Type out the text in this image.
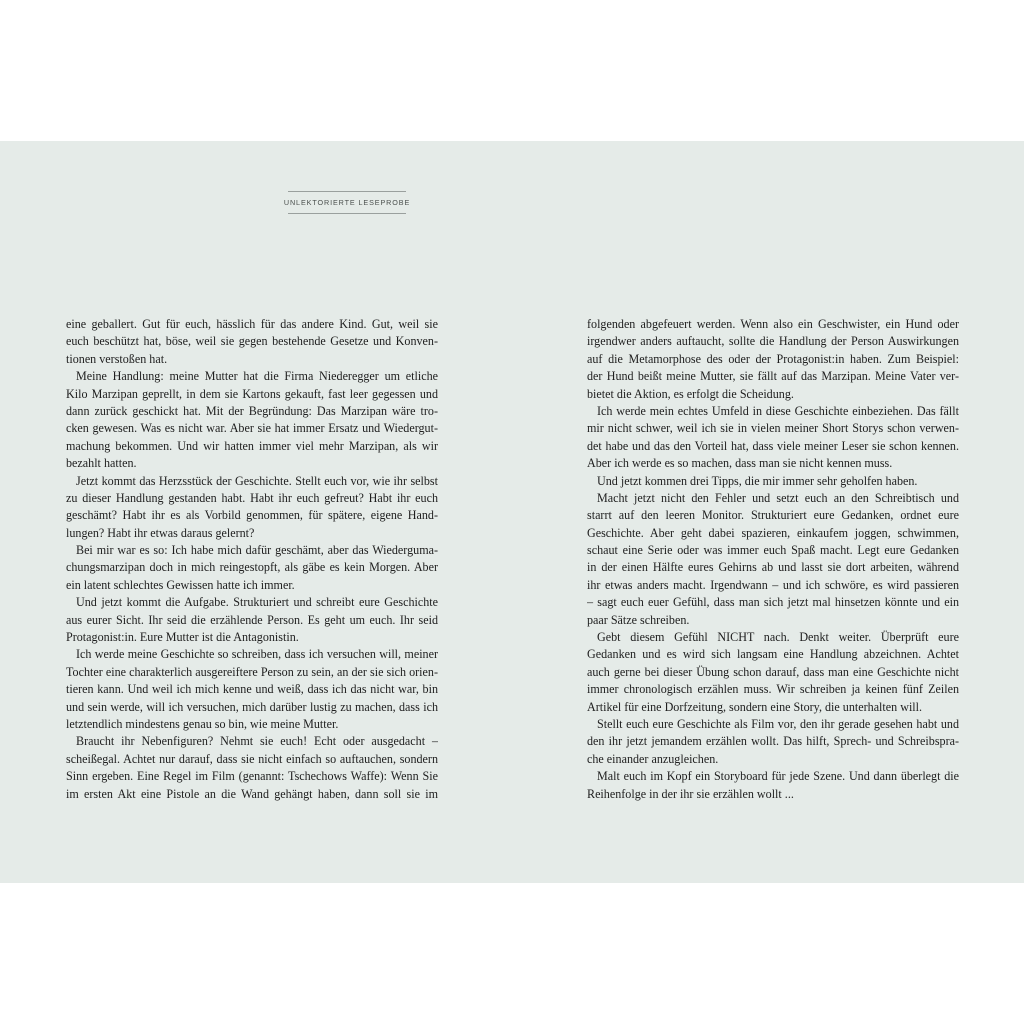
UNLEKTORIERTE LESEPROBE
eine geballert. Gut für euch, hässlich für das andere Kind. Gut, weil sie
euch beschützt hat, böse, weil sie gegen bestehende Gesetze und Konven-
tionen verstoßen hat.
Meine Handlung: meine Mutter hat die Firma Niederegger um etliche
Kilo Marzipan geprellt, in dem sie Kartons gekauft, fast leer gegessen und
dann zurück geschickt hat. Mit der Begründung: Das Marzipan wäre tro-
cken gewesen. Was es nicht war. Aber sie hat immer Ersatz und Wiedergut-
machung bekommen. Und wir hatten immer viel mehr Marzipan, als wir
bezahlt hatten.
Jetzt kommt das Herzsstück der Geschichte. Stellt euch vor, wie ihr selbst
zu dieser Handlung gestanden habt. Habt ihr euch gefreut? Habt ihr euch
geschämt? Habt ihr es als Vorbild genommen, für spätere, eigene Hand-
lungen? Habt ihr etwas daraus gelernt?
Bei mir war es so: Ich habe mich dafür geschämt, aber das Wiedergumа-
chungsmarzipan doch in mich reingestopft, als gäbe es kein Morgen. Aber
ein latent schlechtes Gewissen hatte ich immer.
Und jetzt kommt die Aufgabe. Strukturiert und schreibt eure Geschichte
aus eurer Sicht. Ihr seid die erzählende Person. Es geht um euch. Ihr seid
Protagonist:in. Eure Mutter ist die Antagonistin.
Ich werde meine Geschichte so schreiben, dass ich versuchen will, meiner
Tochter eine charakterlich ausgereiftere Person zu sein, an der sie sich orien-
tieren kann. Und weil ich mich kenne und weiß, dass ich das nicht war, bin
und sein werde, will ich versuchen, mich darüber lustig zu machen, dass ich
letztendlich mindestens genau so bin, wie meine Mutter.
Braucht ihr Nebenfiguren? Nehmt sie euch! Echt oder ausgedacht –
scheißegal. Achtet nur darauf, dass sie nicht einfach so auftauchen, sondern
Sinn ergeben. Eine Regel im Film (genannt: Tschechows Waffe): Wenn Sie
im ersten Akt eine Pistole an die Wand gehängt haben, dann soll sie im
folgenden abgefeuert werden. Wenn also ein Geschwister, ein Hund oder
irgendwer anders auftaucht, sollte die Handlung der Person Auswirkungen
auf die Metamorphose des oder der Protagonist:in haben. Zum Beispiel:
der Hund beißt meine Mutter, sie fällt auf das Marzipan. Meine Vater ver-
bietet die Aktion, es erfolgt die Scheidung.
Ich werde mein echtes Umfeld in diese Geschichte einbeziehen. Das fällt
mir nicht schwer, weil ich sie in vielen meiner Short Storys schon verwen-
det habe und das den Vorteil hat, dass viele meiner Leser sie schon kennen.
Aber ich werde es so machen, dass man sie nicht kennen muss.
Und jetzt kommen drei Tipps, die mir immer sehr geholfen haben.
Macht jetzt nicht den Fehler und setzt euch an den Schreibtisch und
starrt auf den leeren Monitor. Strukturiert eure Gedanken, ordnet eure
Geschichte. Aber geht dabei spazieren, einkaufem joggen, schwimmen,
schaut eine Serie oder was immer euch Spaß macht. Legt eure Gedanken
in der einen Hälfte eures Gehirns ab und lasst sie dort arbeiten, während
ihr etwas anders macht. Irgendwann – und ich schwöre, es wird passieren
– sagt euch euer Gefühl, dass man sich jetzt mal hinsetzen könnte und ein
paar Sätze schreiben.
Gebt diesem Gefühl NICHT nach. Denkt weiter. Überprüft eure
Gedanken und es wird sich langsam eine Handlung abzeichnen. Achtet
auch gerne bei dieser Übung schon darauf, dass man eine Geschichte nicht
immer chronologisch erzählen muss. Wir schreiben ja keinen fünf Zeilen
Artikel für eine Dorfzeitung, sondern eine Story, die unterhalten will.
Stellt euch eure Geschichte als Film vor, den ihr gerade gesehen habt und
den ihr jetzt jemandem erzählen wollt. Das hilft, Sprech- und Schreibspra-
che einander anzugleichen.
Malt euch im Kopf ein Storyboard für jede Szene. Und dann überlegt die
Reihenfolge in der ihr sie erzählen wollt ...
